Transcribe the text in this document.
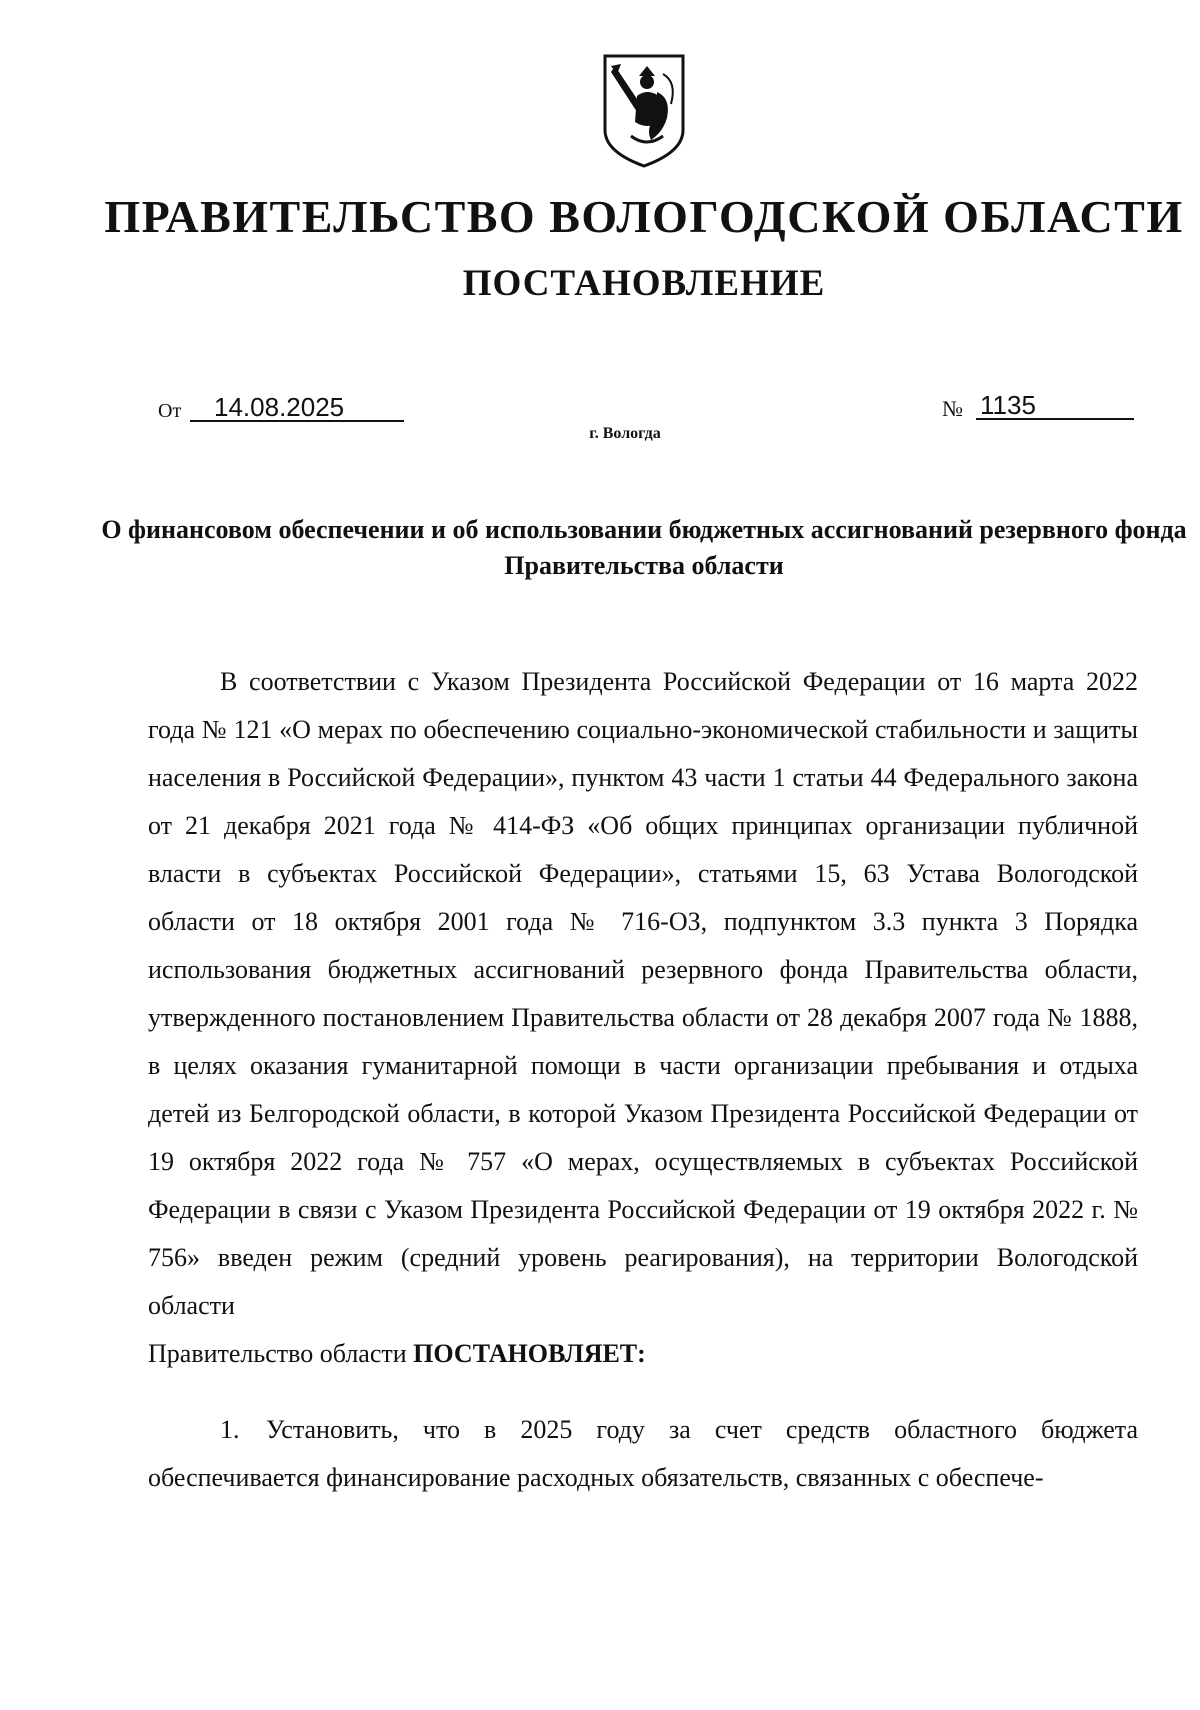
ПРАВИТЕЛЬСТВО ВОЛОГОДСКОЙ ОБЛАСТИ
ПОСТАНОВЛЕНИЕ
От 14.08.2025	№ 1135
г. Вологда
О финансовом обеспечении и об использовании бюджетных ассигнований резервного фонда Правительства области

В соответствии с Указом Президента Российской Федерации от 16 марта 2022 года № 121 «О мерах по обеспечению социально-экономической стабильности и защиты населения в Российской Федерации», пунктом 43 части 1 статьи 44 Федерального закона от 21 декабря 2021 года № 414-ФЗ «Об общих принципах организации публичной власти в субъектах Российской Федерации», статьями 15, 63 Устава Вологодской области от 18 октября 2001 года № 716-ОЗ, подпунктом 3.3 пункта 3 Порядка использования бюджетных ассигнований резервного фонда Правительства области, утвержденного постановлением Правительства области от 28 декабря 2007 года № 1888, в целях оказания гуманитарной помощи в части организации пребывания и отдыха детей из Белгородской области, в которой Указом Президента Российской Федерации от 19 октября 2022 года № 757 «О мерах, осуществляемых в субъектах Российской Федерации в связи с Указом Президента Российской Федерации от 19 октября 2022 г. № 756» введен режим (средний уровень реагирования), на территории Вологодской области

Правительство области ПОСТАНОВЛЯЕТ:

1. Установить, что в 2025 году за счет средств областного бюджета обеспечивается финансирование расходных обязательств, связанных с обеспече-
